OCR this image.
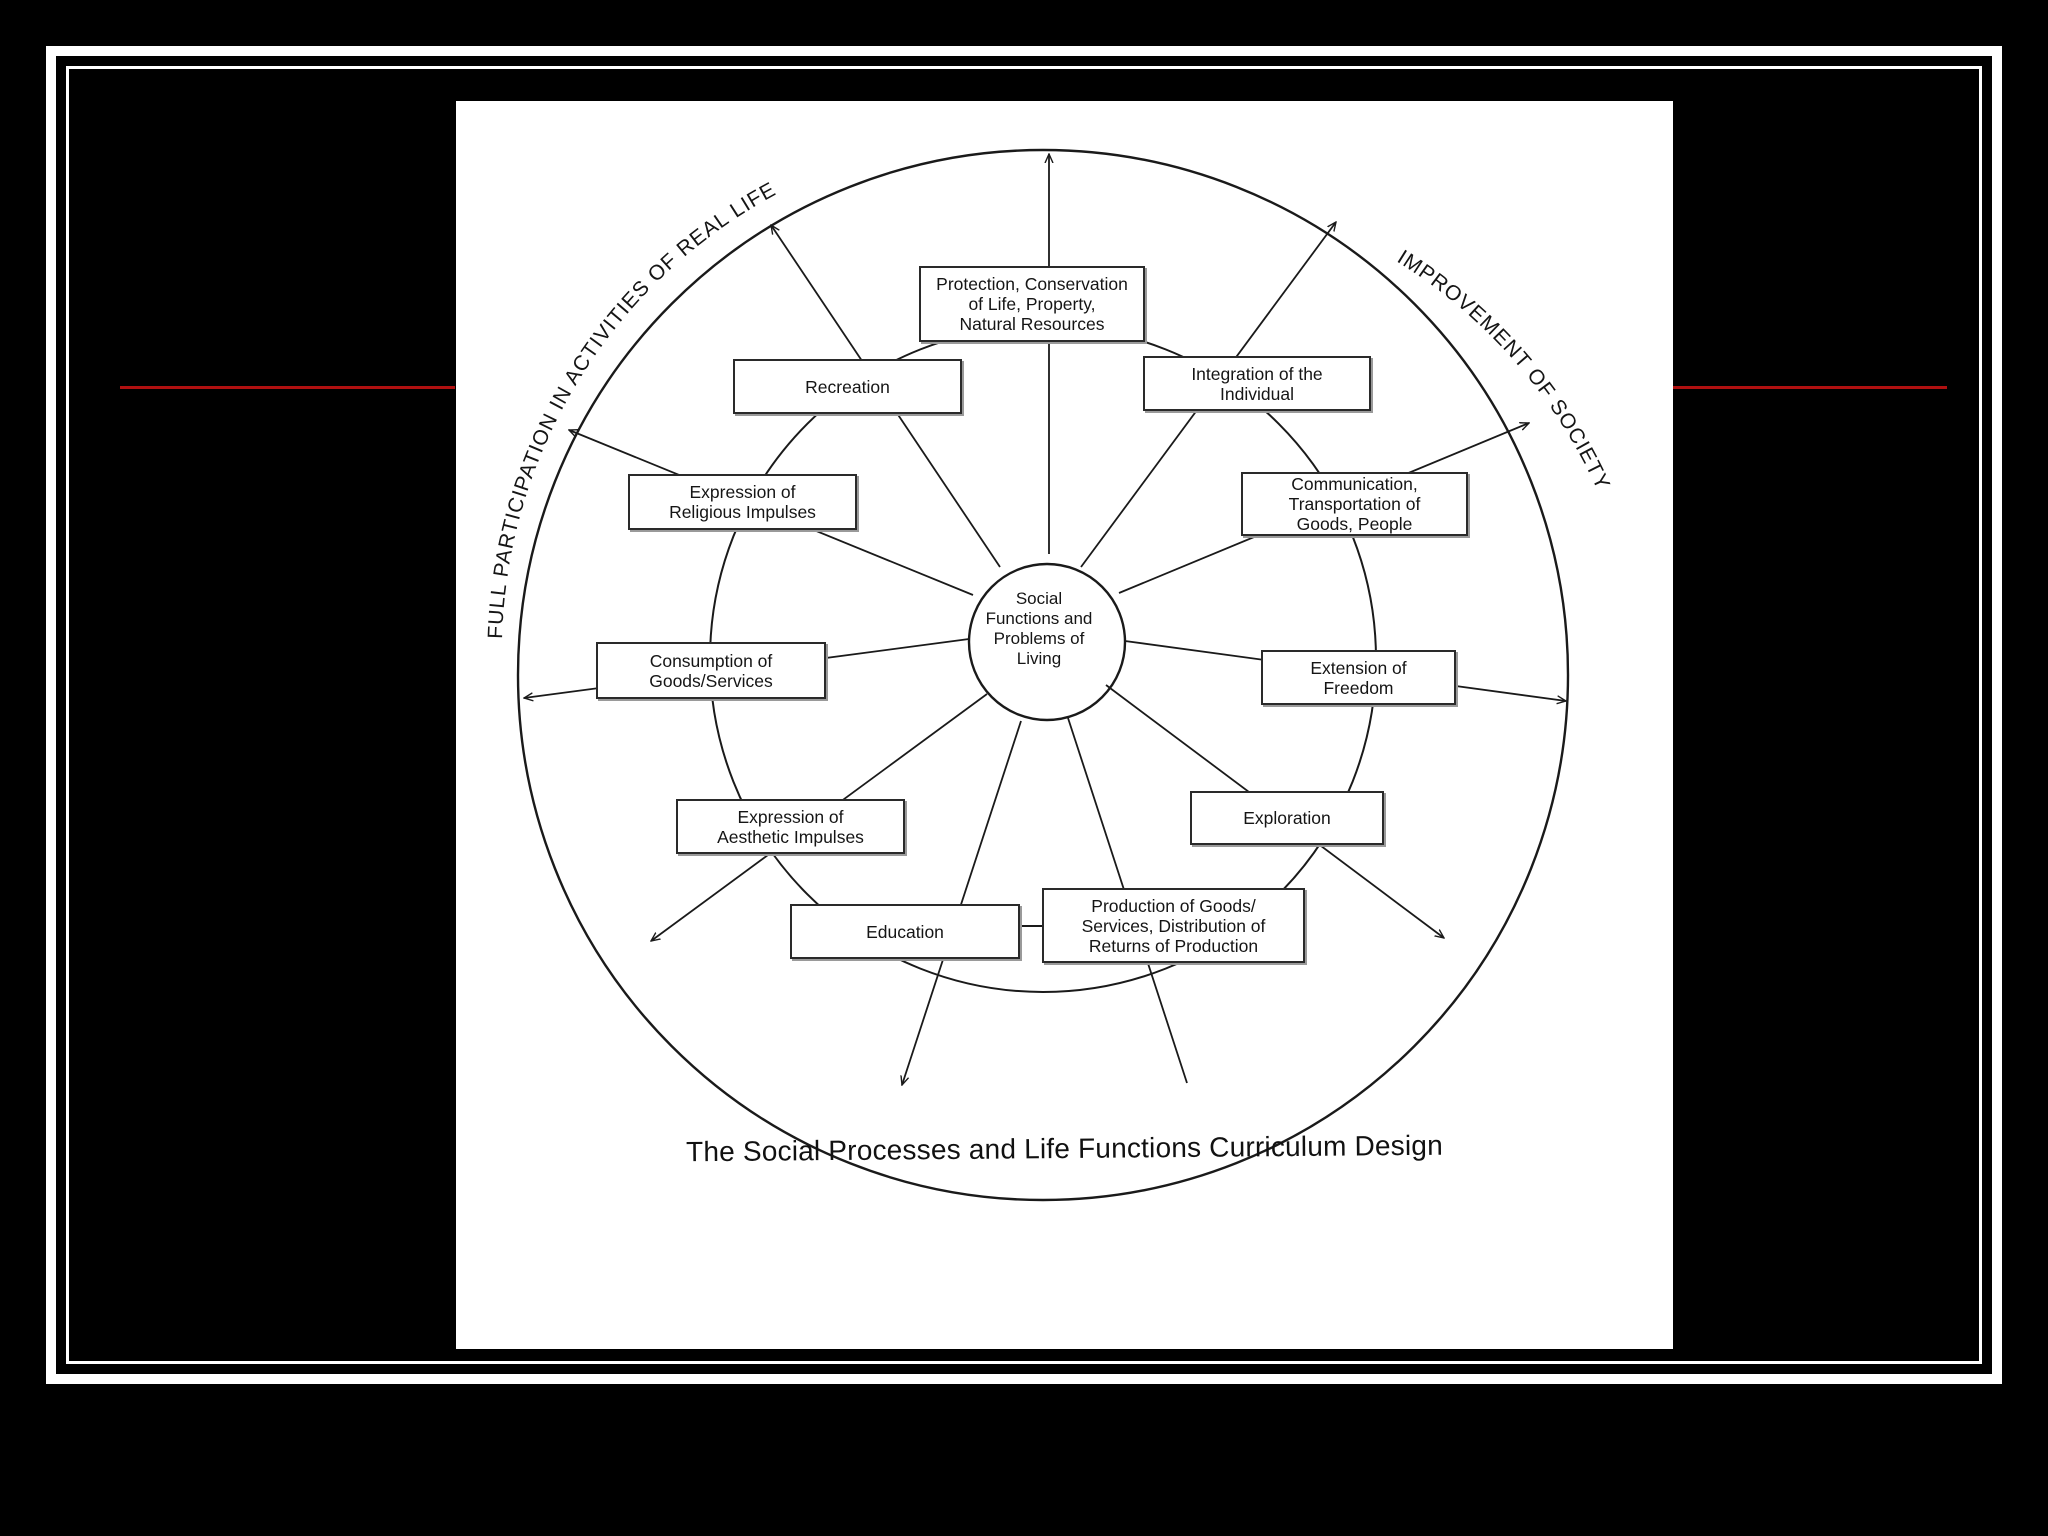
FULL PARTICIPATION IN ACTIVITIES OF REAL LIFE
IMPROVEMENT OF SOCIETY
Social
Functions and
Problems of
Living
Protection, Conservation
of Life, Property,
Natural Resources
Integration of the
Individual
Communication,
Transportation of
Goods, People
Extension of
Freedom
Exploration
Production of Goods/
Services, Distribution of
Returns of Production
Education
Expression of
Aesthetic Impulses
Consumption of
Goods/Services
Expression of
Religious Impulses
Recreation
The Social Processes and Life Functions Curriculum Design
